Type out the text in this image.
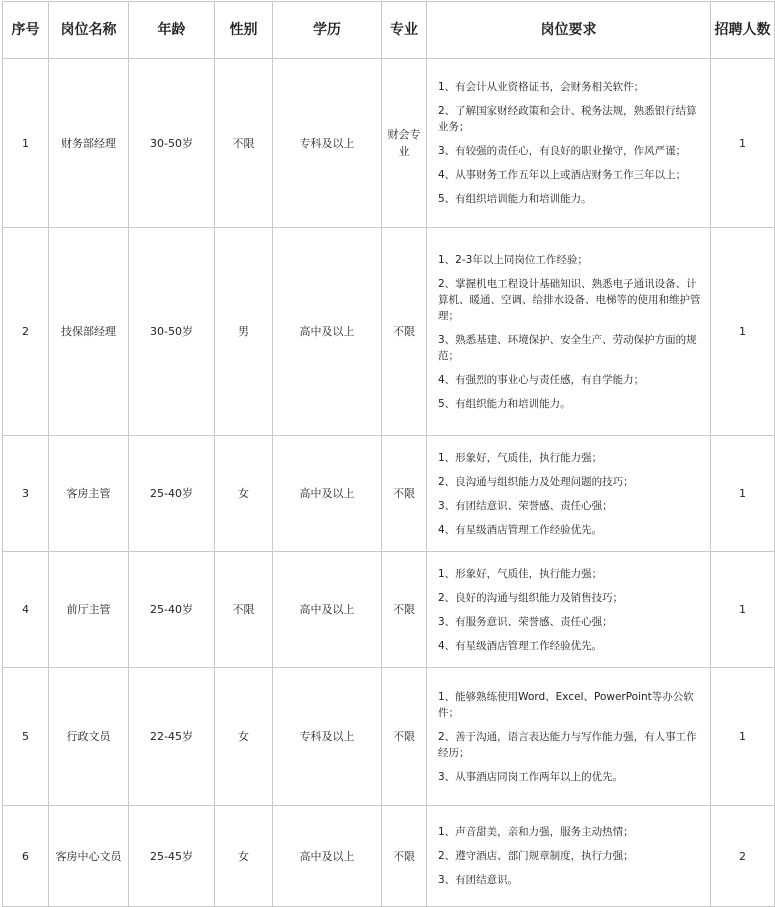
序号	岗位名称	年龄	性别	学历	专业	岗位要求	招聘人数
1	财务部经理	30-50岁	不限	专科及以上	财会专业	1、有会计从业资格证书，会财务相关软件；

2、了解国家财经政策和会计、税务法规，熟悉银行结算业务；

3、有较强的责任心，有良好的职业操守，作风严谨；

4、从事财务工作五年以上或酒店财务工作三年以上；

5、有组织培训能力和培训能力。	1
2	技保部经理	30-50岁	男	高中及以上	不限	1、2-3年以上同岗位工作经验；

2、掌握机电工程设计基础知识、熟悉电子通讯设备、计算机、暖通、空调、给排水设备、电梯等的使用和维护管理；

3、熟悉基建、环境保护、安全生产、劳动保护方面的规范；

4、有强烈的事业心与责任感，有自学能力；

5、有组织能力和培训能力。	1
3	客房主管	25-40岁	女	高中及以上	不限	1、形象好，气质佳，执行能力强；

2、良沟通与组织能力及处理问题的技巧；

3、有团结意识、荣誉感、责任心强；

4、有星级酒店管理工作经验优先。	1
4	前厅主管	25-40岁	不限	高中及以上	不限	1、形象好，气质佳，执行能力强；

2、良好的沟通与组织能力及销售技巧；

3、有服务意识、荣誉感、责任心强；

4、有星级酒店管理工作经验优先。	1
5	行政文员	22-45岁	女	专科及以上	不限	1、能够熟练使用Word、Excel、PowerPoint等办公软件；

2、善于沟通，语言表达能力与写作能力强，有人事工作经历；

3、从事酒店同岗工作两年以上的优先。	1
6	客房中心文员	25-45岁	女	高中及以上	不限	1、声音甜美，亲和力强，服务主动热情；

2、遵守酒店、部门规章制度，执行力强；

3、有团结意识。	2
